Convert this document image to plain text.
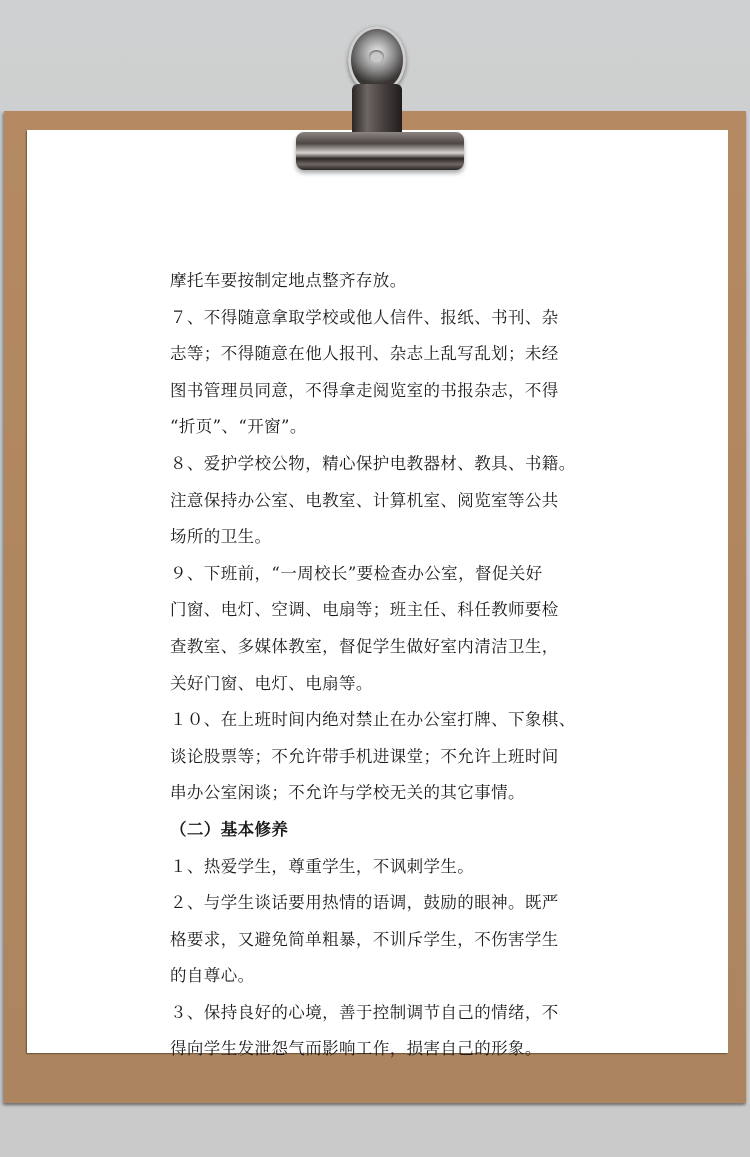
摩托车要按制定地点整齐存放。
７、不得随意拿取学校或他人信件、报纸、书刊、杂
志等；不得随意在他人报刊、杂志上乱写乱划；未经
图书管理员同意，不得拿走阅览室的书报杂志，不得
“折页”、“开窗”。
８、爱护学校公物，精心保护电教器材、教具、书籍。
注意保持办公室、电教室、计算机室、阅览室等公共
场所的卫生。
９、下班前，“一周校长”要检查办公室，督促关好
门窗、电灯、空调、电扇等；班主任、科任教师要检
查教室、多媒体教室，督促学生做好室内清洁卫生，
关好门窗、电灯、电扇等。
１０、在上班时间内绝对禁止在办公室打牌、下象棋、
谈论股票等；不允许带手机进课堂；不允许上班时间
串办公室闲谈；不允许与学校无关的其它事情。
（二）基本修养
１、热爱学生，尊重学生，不讽刺学生。
２、与学生谈话要用热情的语调，鼓励的眼神。既严
格要求，又避免简单粗暴，不训斥学生，不伤害学生
的自尊心。
３、保持良好的心境，善于控制调节自己的情绪，不
得向学生发泄怨气而影响工作，损害自己的形象。
